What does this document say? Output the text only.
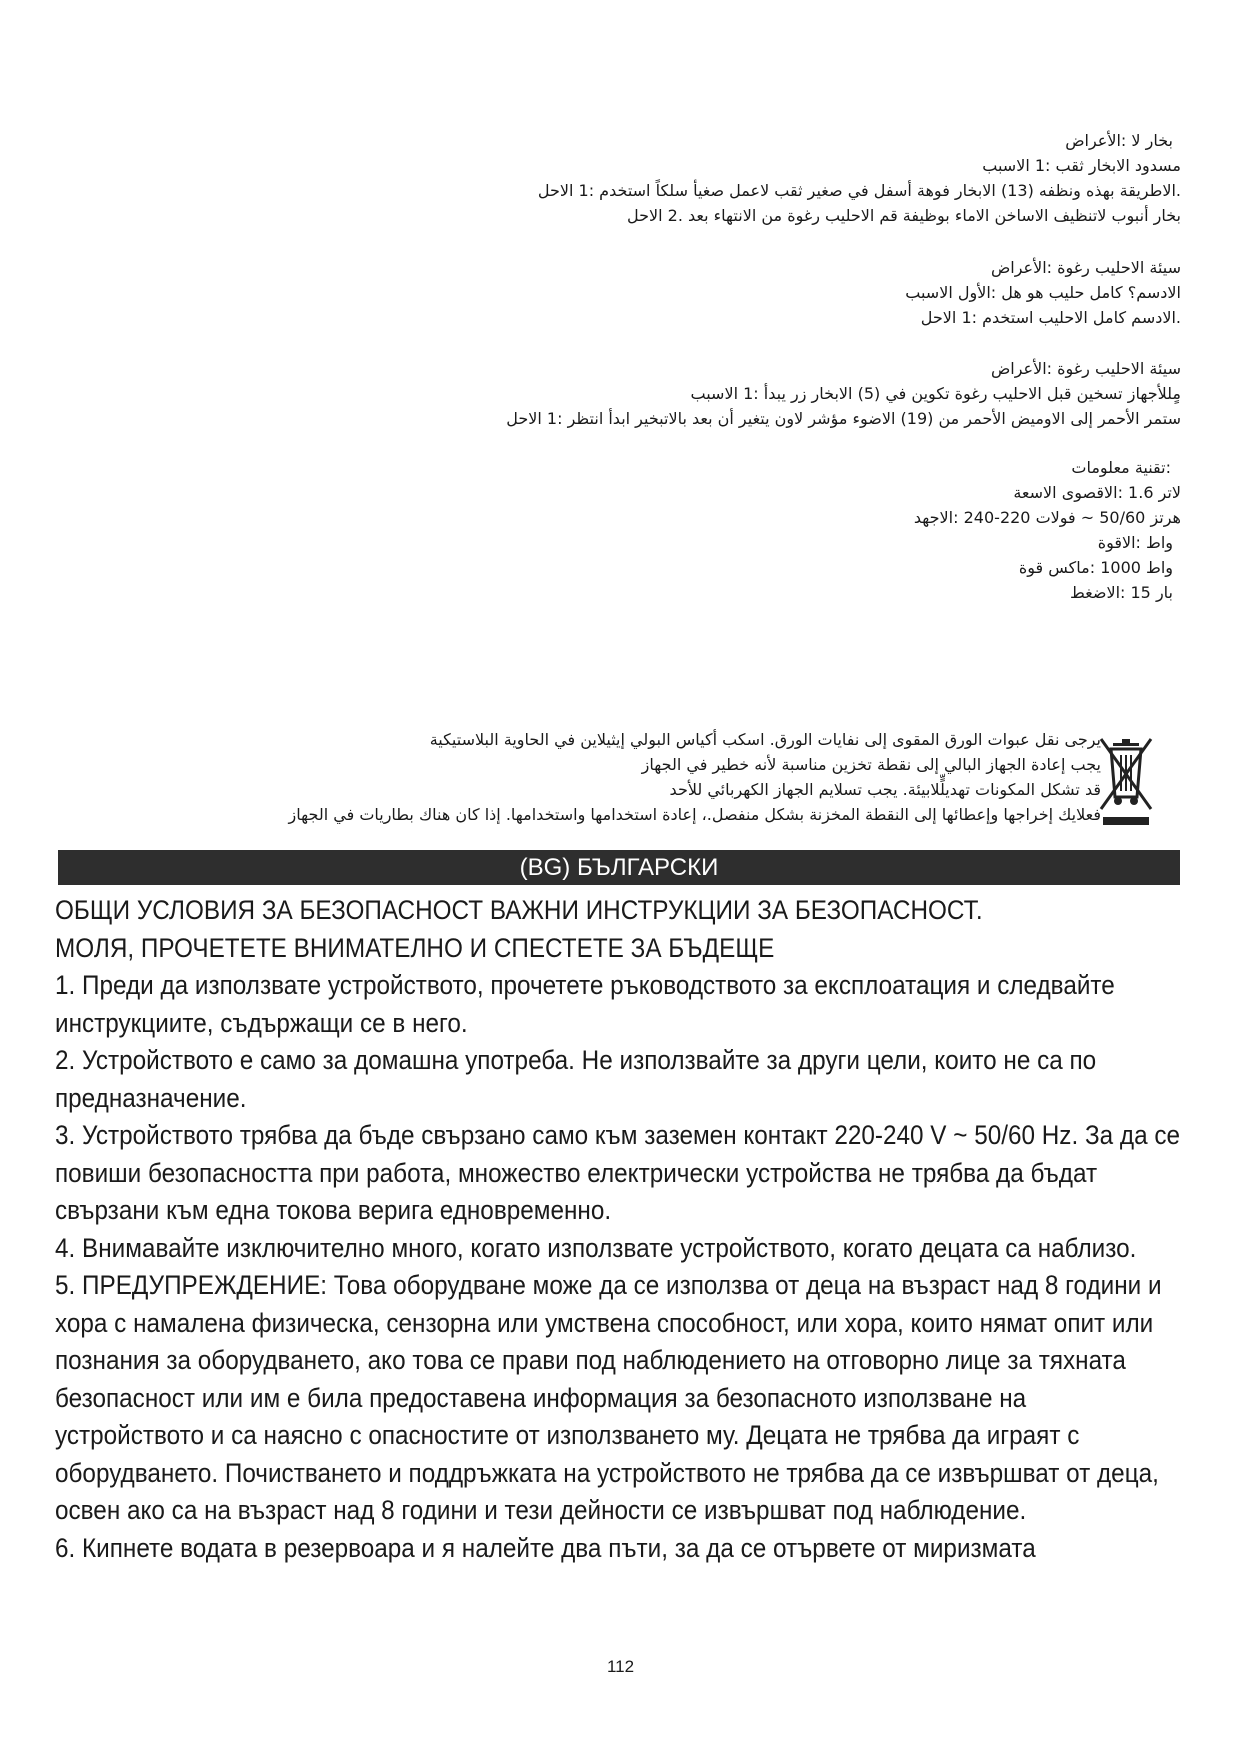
بخار لا :الأعراض
مسدود الابخار ثقب :1 الاسبب
.الاطريقة بهذه ونظفه (13) الابخار فوهة أسفل في صغير ثقب لاعمل صغيأ سلكاً استخدم :1 الاحل
بخار أنبوب لاتنظيف الاساخن الاماء بوظيفة قم الاحليب رغوة من الانتهاء بعد .2 الاحل
سيئة الاحليب رغوة :الأعراض
الادسم؟ كامل حليب هو هل :الأول الاسبب
.الادسم كامل الاحليب استخدم :1 الاحل
سيئة الاحليب رغوة :الأعراض
مٍللأجهاز تسخين قبل الاحليب رغوة تكوين في (5) الابخار زر يبدأ :1 الاسبب
ستمر الأحمر إلى الاوميض الأحمر من (19) الاضوء مؤشر لاون يتغير أن بعد بالاتبخير ابدأ انتظر :1 الاحل
:تقنية معلومات
لاتر 1.6 :الاقصوى الاسعة
هرتز 50/60 ~ فولات 220-240 :الاجهد
واط :الاقوة
واط 1000 :ماكس قوة
بار 15 :الاضغط
يرجى نقل عبوات الورق المقوى إلى نفايات الورق. اسكب أكياس البولي إيثيلاين في الحاوية البلاستيكية
يجب إعادة الجهاز البالي إلى نقطة تخزين مناسبة لأنه خطير في الجهاز
قد تشكل المكونات تهديلٍّلابيئة. يجب تسلايم الجهاز الكهربائي للأحد
فعلايك إخراجها وإعطائها إلى النقطة المخزنة بشكل منفصل.، إعادة استخدامها واستخدامها. إذا كان هناك بطاريات في الجهاز
(BG) БЪЛГАРСКИ

ОБЩИ УСЛОВИЯ ЗА БЕЗОПАСНОСТ ВАЖНИ ИНСТРУКЦИИ ЗА БЕЗОПАСНОСТ. МОЛЯ, ПРОЧЕТЕТЕ ВНИМАТЕЛНО И СПЕСТЕТЕ ЗА БЪДЕЩЕ

1. Преди да използвате устройството, прочетете ръководството за експлоатация и следвайте инструкциите, съдържащи се в него.

2. Устройството е само за домашна употреба. Не използвайте за други цели, които не са по предназначение.

3. Устройството трябва да бъде свързано само към заземен контакт 220-240 V ~ 50/60 Hz. За да се повиши безопасността при работа, множество електрически устройства не трябва да бъдат свързани към една токова верига едновременно.

4. Внимавайте изключително много, когато използвате устройството, когато децата са наблизо.

5. ПРЕДУПРЕЖДЕНИЕ: Това оборудване може да се използва от деца на възраст над 8 години и хора с намалена физическа, сензорна или умствена способност, или хора, които нямат опит или познания за оборудването, ако това се прави под наблюдението на отговорно лице за тяхната безопасност или им е била предоставена информация за безопасното използване на устройството и са наясно с опасностите от използването му. Децата не трябва да играят с оборудването. Почистването и поддръжката на устройството не трябва да се извършват от деца, освен ако са на възраст над 8 години и тези дейности се извършват под наблюдение.

6. Кипнете водата в резервоара и я налейте два пъти, за да се отървете от миризмата

112
